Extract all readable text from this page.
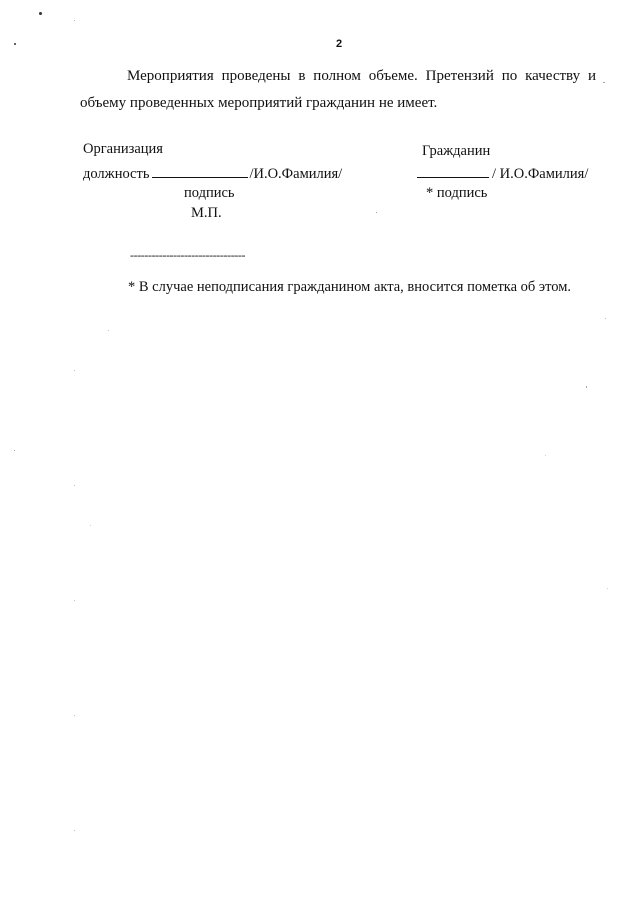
2
Мероприятия проведены в полном объеме. Претензий по качеству и
объему проведенных мероприятий гражданин не имеет.
Организация
должность	/И.О.Фамилия/
подпись
М.П.
Гражданин
/ И.О.Фамилия/
* подпись
--------------------------------
* В случае неподписания гражданином акта, вносится пометка об этом.
